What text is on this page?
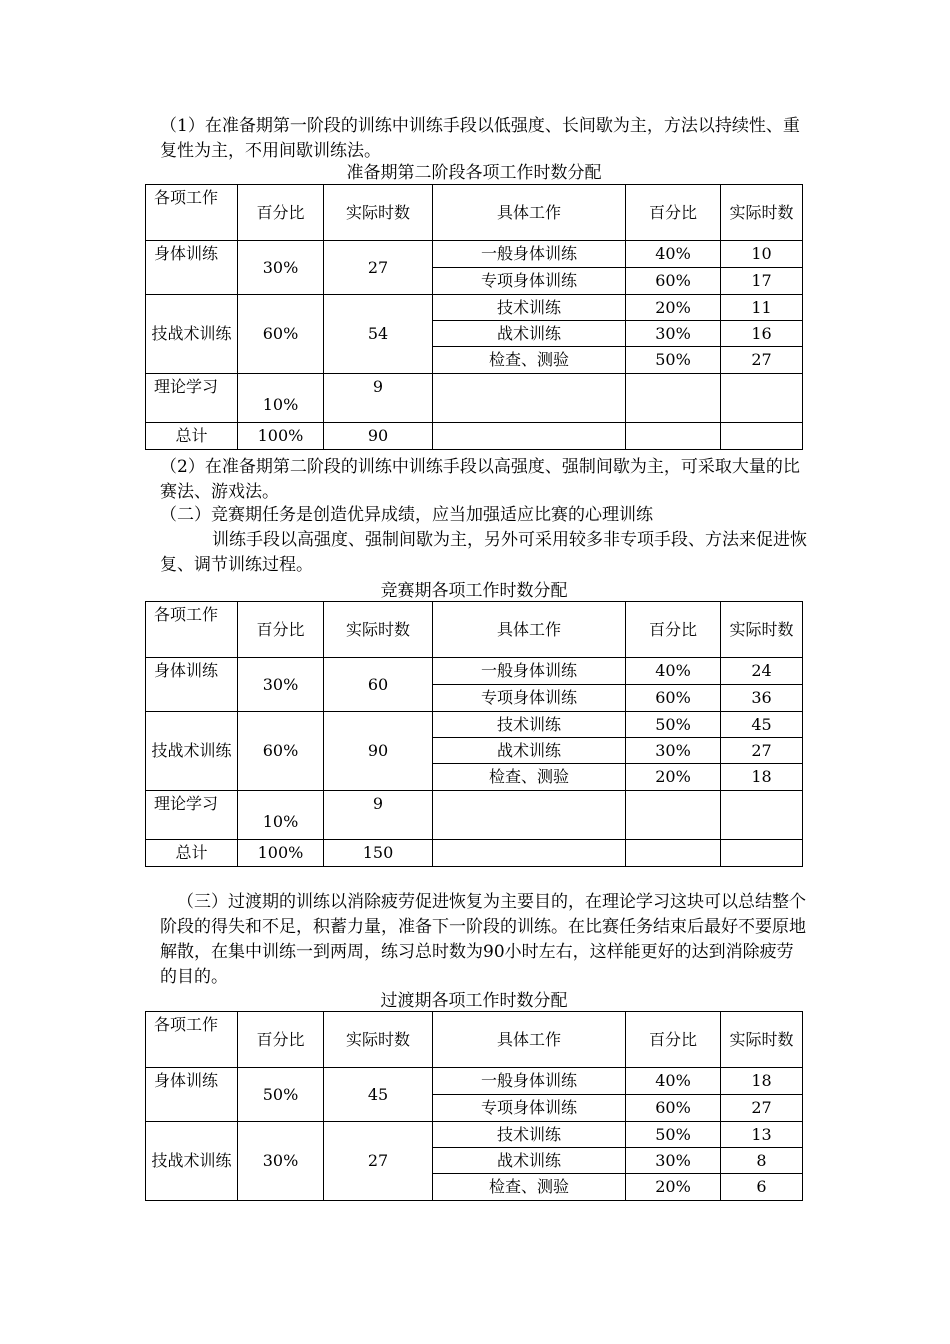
（1）在准备期第一阶段的训练中训练手段以低强度、长间歇为主，方法以持续性、重复性为主，不用间歇训练法。

准备期第二阶段各项工作时数分配

各项工作	百分比	实际时数	具体工作	百分比	实际时数
身体训练	30%	27	一般身体训练	40%	10
			专项身体训练	60%	17
技战术训练	60%	54	技术训练	20%	11
			战术训练	30%	16
			检查、测验	50%	27
理论学习	10%	9			
总计	100%	90			

（2）在准备期第二阶段的训练中训练手段以高强度、强制间歇为主，可采取大量的比赛法、游戏法。

（二）竞赛期任务是创造优异成绩，应当加强适应比赛的心理训练

训练手段以高强度、强制间歇为主，另外可采用较多非专项手段、方法来促进恢复、调节训练过程。

竞赛期各项工作时数分配

各项工作	百分比	实际时数	具体工作	百分比	实际时数
身体训练	30%	60	一般身体训练	40%	24
			专项身体训练	60%	36
技战术训练	60%	90	技术训练	50%	45
			战术训练	30%	27
			检查、测验	20%	18
理论学习	10%	9			
总计	100%	150			

（三）过渡期的训练以消除疲劳促进恢复为主要目的，在理论学习这块可以总结整个阶段的得失和不足，积蓄力量，准备下一阶段的训练。在比赛任务结束后最好不要原地解散，在集中训练一到两周，练习总时数为90小时左右，这样能更好的达到消除疲劳的目的。

过渡期各项工作时数分配

各项工作	百分比	实际时数	具体工作	百分比	实际时数
身体训练	50%	45	一般身体训练	40%	18
			专项身体训练	60%	27
技战术训练	30%	27	技术训练	50%	13
			战术训练	30%	8
			检查、测验	20%	6
